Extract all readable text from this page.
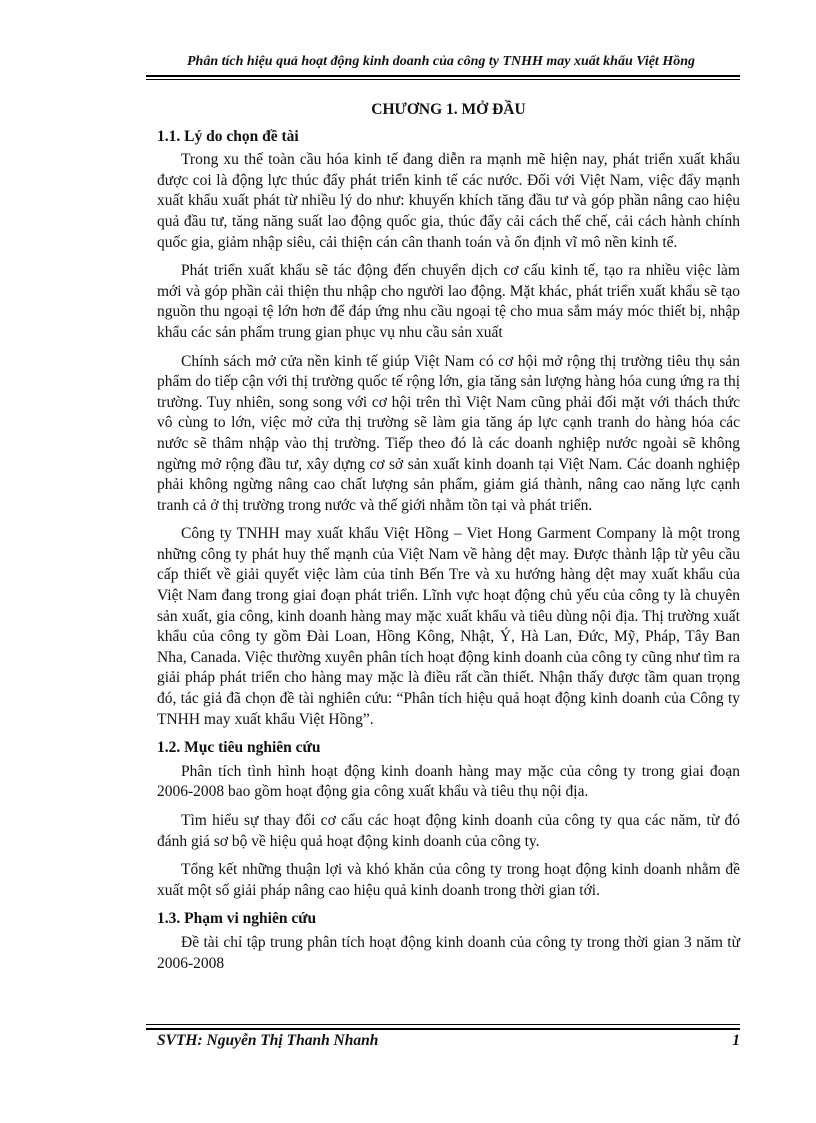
Phân tích hiệu quả hoạt động kinh doanh của công ty TNHH may xuất khẩu Việt Hồng
CHƯƠNG 1. MỞ ĐẦU
1.1. Lý do chọn đề tài

Trong xu thế toàn cầu hóa kinh tế đang diễn ra mạnh mẽ hiện nay, phát triển xuất khẩu được coi là động lực thúc đẩy phát triển kinh tế các nước. Đối với Việt Nam, việc đẩy mạnh xuất khẩu xuất phát từ nhiều lý do như: khuyến khích tăng đầu tư và góp phần nâng cao hiệu quả đầu tư, tăng năng suất lao động quốc gia, thúc đẩy cải cách thể chế, cải cách hành chính quốc gia, giảm nhập siêu, cải thiện cán cân thanh toán và ổn định vĩ mô nền kinh tế.

Phát triển xuất khẩu sẽ tác động đến chuyển dịch cơ cấu kinh tế, tạo ra nhiều việc làm mới và góp phần cải thiện thu nhập cho người lao động. Mặt khác, phát triển xuất khẩu sẽ tạo nguồn thu ngoại tệ lớn hơn để đáp ứng nhu cầu ngoại tệ cho mua sắm máy móc thiết bị, nhập khẩu các sản phẩm trung gian phục vụ nhu cầu sản xuất

Chính sách mở cửa nền kinh tế giúp Việt Nam có cơ hội mở rộng thị trường tiêu thụ sản phẩm do tiếp cận với thị trường quốc tế rộng lớn, gia tăng sản lượng hàng hóa cung ứng ra thị trường. Tuy nhiên, song song với cơ hội trên thì Việt Nam cũng phải đối mặt với thách thức vô cùng to lớn, việc mở cửa thị trường sẽ làm gia tăng áp lực cạnh tranh do hàng hóa các nước sẽ thâm nhập vào thị trường. Tiếp theo đó là các doanh nghiệp nước ngoài sẽ không ngừng mở rộng đầu tư, xây dựng cơ sở sản xuất kinh doanh tại Việt Nam. Các doanh nghiệp phải không ngừng nâng cao chất lượng sản phẩm, giảm giá thành, nâng cao năng lực cạnh tranh cả ở thị trường trong nước và thế giới nhằm tồn tại và phát triển.

Công ty TNHH may xuất khẩu Việt Hồng – Viet Hong Garment Company là một trong những công ty phát huy thế mạnh của Việt Nam về hàng dệt may. Được thành lập từ yêu cầu cấp thiết về giải quyết việc làm của tỉnh Bến Tre và xu hướng hàng dệt may xuất khẩu của Việt Nam đang trong giai đoạn phát triển. Lĩnh vực hoạt động chủ yếu của công ty là chuyên sản xuất, gia công, kinh doanh hàng may mặc xuất khẩu và tiêu dùng nội địa. Thị trường xuất khẩu của công ty gồm Đài Loan, Hồng Kông, Nhật, Ý, Hà Lan, Đức, Mỹ, Pháp, Tây Ban Nha, Canada. Việc thường xuyên phân tích hoạt động kinh doanh của công ty cũng như tìm ra giải pháp phát triển cho hàng may mặc là điều rất cần thiết. Nhận thấy được tầm quan trọng đó, tác giả đã chọn đề tài nghiên cứu: “Phân tích hiệu quả hoạt động kinh doanh của Công ty TNHH may xuất khẩu Việt Hồng”.

1.2. Mục tiêu nghiên cứu

Phân tích tình hình hoạt động kinh doanh hàng may mặc của công ty trong giai đoạn 2006-2008 bao gồm hoạt động gia công xuất khẩu và tiêu thụ nội địa.

Tìm hiểu sự thay đổi cơ cấu các hoạt động kinh doanh của công ty qua các năm, từ đó đánh giá sơ bộ về hiệu quả hoạt động kinh doanh của công ty.

Tổng kết những thuận lợi và khó khăn của công ty trong hoạt động kinh doanh nhằm đề xuất một số giải pháp nâng cao hiệu quả kinh doanh trong thời gian tới.

1.3. Phạm vi nghiên cứu

Đề tài chỉ tập trung phân tích hoạt động kinh doanh của công ty trong thời gian 3 năm từ 2006-2008

SVTH: Nguyễn Thị Thanh Nhanh	1
